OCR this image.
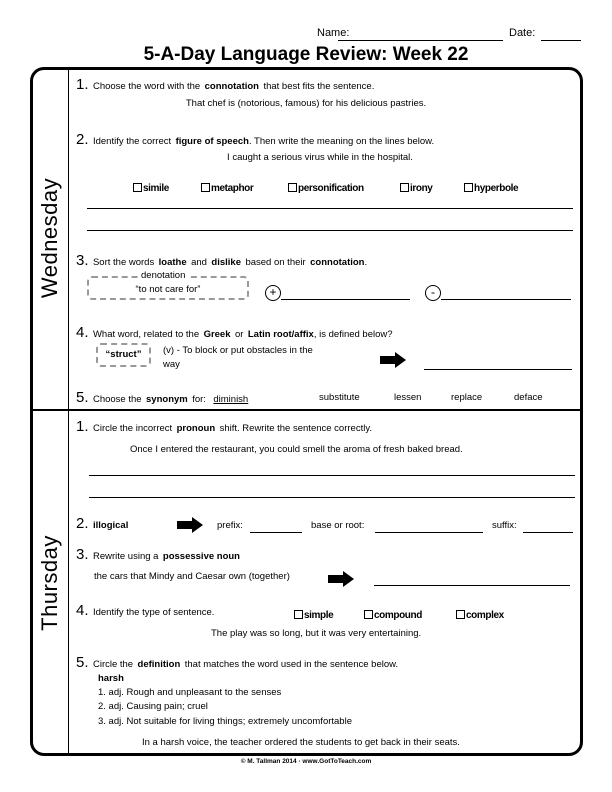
Name:	Date:
5-A-Day Language Review: Week 22
Wednesday
Thursday
1. Choose the word with the connotation that best fits the sentence.
That chef is (notorious, famous) for his delicious pastries.
2. Identify the correct figure of speech. Then write the meaning on the lines below.
I caught a serious virus while in the hospital.
simile	metaphor	personification	irony	hyperbole
3. Sort the words loathe and dislike based on their connotation.
denotation
“to not care for”	+	-
4. What word, related to the Greek or Latin root/affix, is defined below?
“struct”	(v) - To block or put obstacles in the
way
5. Choose the synonym for: diminish	substitute	lessen	replace	deface
1. Circle the incorrect pronoun shift. Rewrite the sentence correctly.
Once I entered the restaurant, you could smell the aroma of fresh baked bread.
2. illogical	prefix:	base or root:	suffix:
3. Rewrite using a possessive noun
the cars that Mindy and Caesar own (together)
4. Identify the type of sentence.	simple	compound	complex
The play was so long, but it was very entertaining.
5. Circle the definition that matches the word used in the sentence below.
harsh
1. adj. Rough and unpleasant to the senses
2. adj. Causing pain; cruel
3. adj. Not suitable for living things; extremely uncomfortable
In a harsh voice, the teacher ordered the students to get back in their seats.
© M. Tallman 2014 · www.GotToTeach.com
